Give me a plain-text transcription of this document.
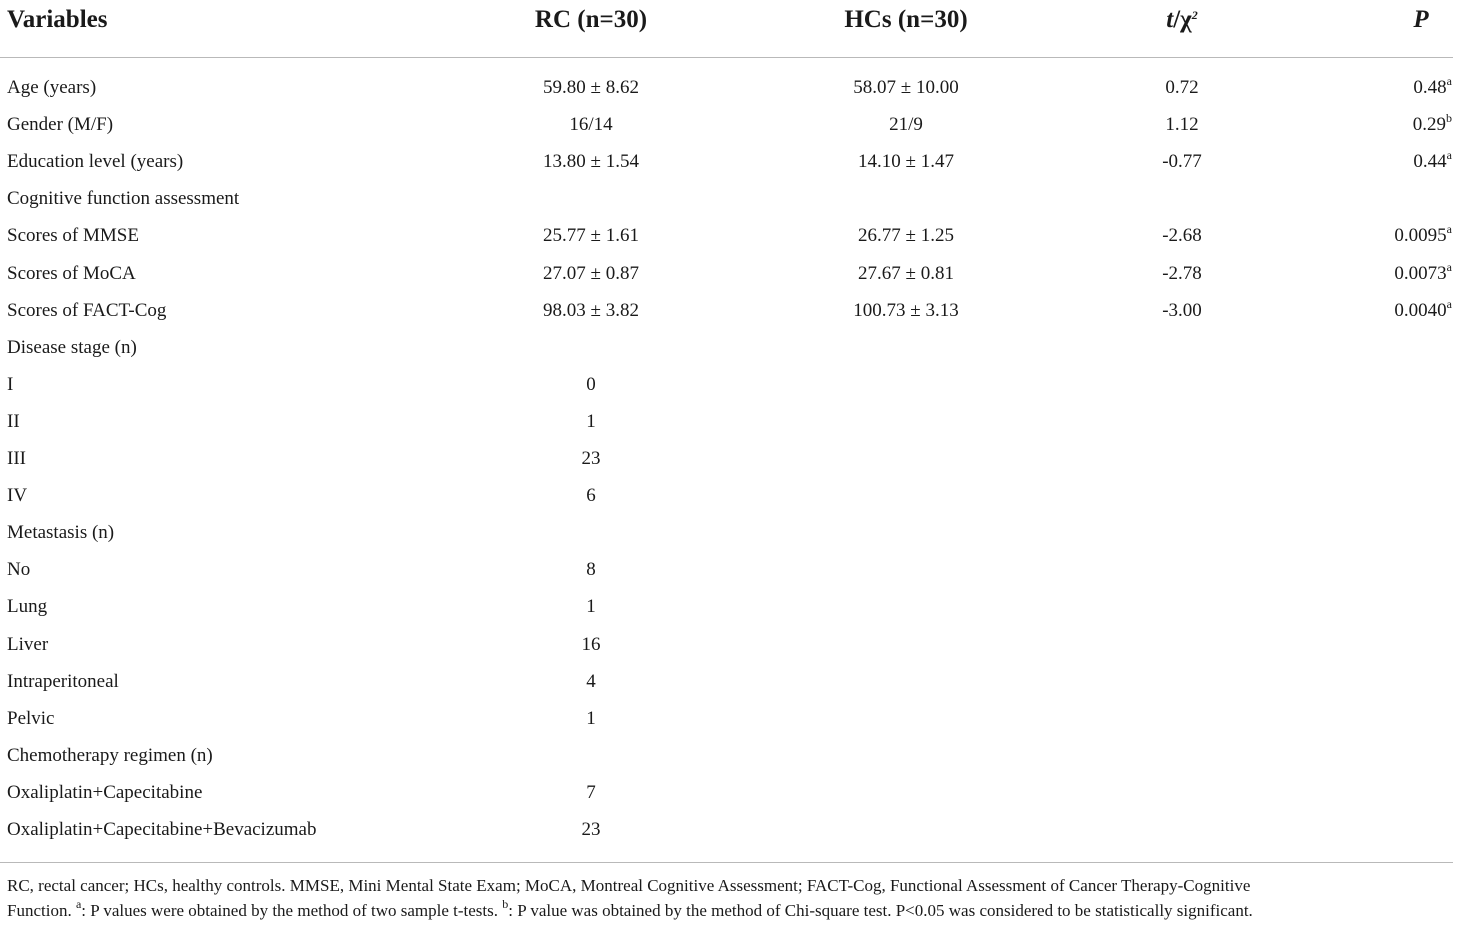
Variables	RC (n=30)	HCs (n=30)	$t/\chi^2$	P
Age (years)	59.80 ± 8.62	58.07 ± 10.00	0.72	0.48$^a$
Gender (M/F)	16/14	21/9	1.12	0.29$^b$
Education level (years)	13.80 ± 1.54	14.10 ± 1.47	-0.77	0.44$^a$
Cognitive function assessment
Scores of MMSE	25.77 ± 1.61	26.77 ± 1.25	-2.68	0.0095$^a$
Scores of MoCA	27.07 ± 0.87	27.67 ± 0.81	-2.78	0.0073$^a$
Scores of FACT-Cog	98.03 ± 3.82	100.73 ± 3.13	-3.00	0.0040$^a$
Disease stage (n)
I	0
II	1
III	23
IV	6
Metastasis (n)
No	8
Lung	1
Liver	16
Intraperitoneal	4
Pelvic	1
Chemotherapy regimen (n)
Oxaliplatin+Capecitabine	7
Oxaliplatin+Capecitabine+Bevacizumab	23
RC, rectal cancer; HCs, healthy controls. MMSE, Mini Mental State Exam; MoCA, Montreal Cognitive Assessment; FACT-Cog, Functional Assessment of Cancer Therapy-Cognitive
Function. $^a$: P values were obtained by the method of two sample t-tests. $^b$: P value was obtained by the method of Chi-square test. P<0.05 was considered to be statistically significant.
